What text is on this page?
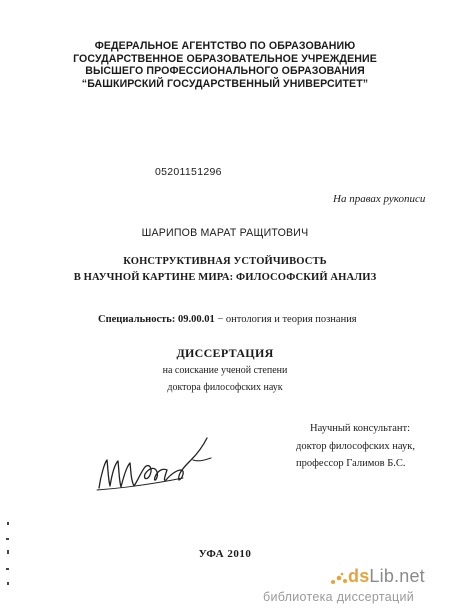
ФЕДЕРАЛЬНОЕ АГЕНТСТВО ПО ОБРАЗОВАНИЮ
ГОСУДАРСТВЕННОЕ ОБРАЗОВАТЕЛЬНОЕ УЧРЕЖДЕНИЕ
ВЫСШЕГО ПРОФЕССИОНАЛЬНОГО ОБРАЗОВАНИЯ
“БАШКИРСКИЙ ГОСУДАРСТВЕННЫЙ УНИВЕРСИТЕТ”
05201151296
На правах рукописи
ШАРИПОВ МАРАТ РАЩИТОВИЧ
КОНСТРУКТИВНАЯ УСТОЙЧИВОСТЬ
В НАУЧНОЙ КАРТИНЕ МИРА: ФИЛОСОФСКИЙ АНАЛИЗ
Специальность: 09.00.01 − онтология и теория познания
ДИССЕРТАЦИЯ
на соискание ученой степени
доктора философских наук
Научный консультант:
доктор философских наук,
профессор Галимов Б.С.
УФА 2010
dsLib.net
библиотека диссертаций
